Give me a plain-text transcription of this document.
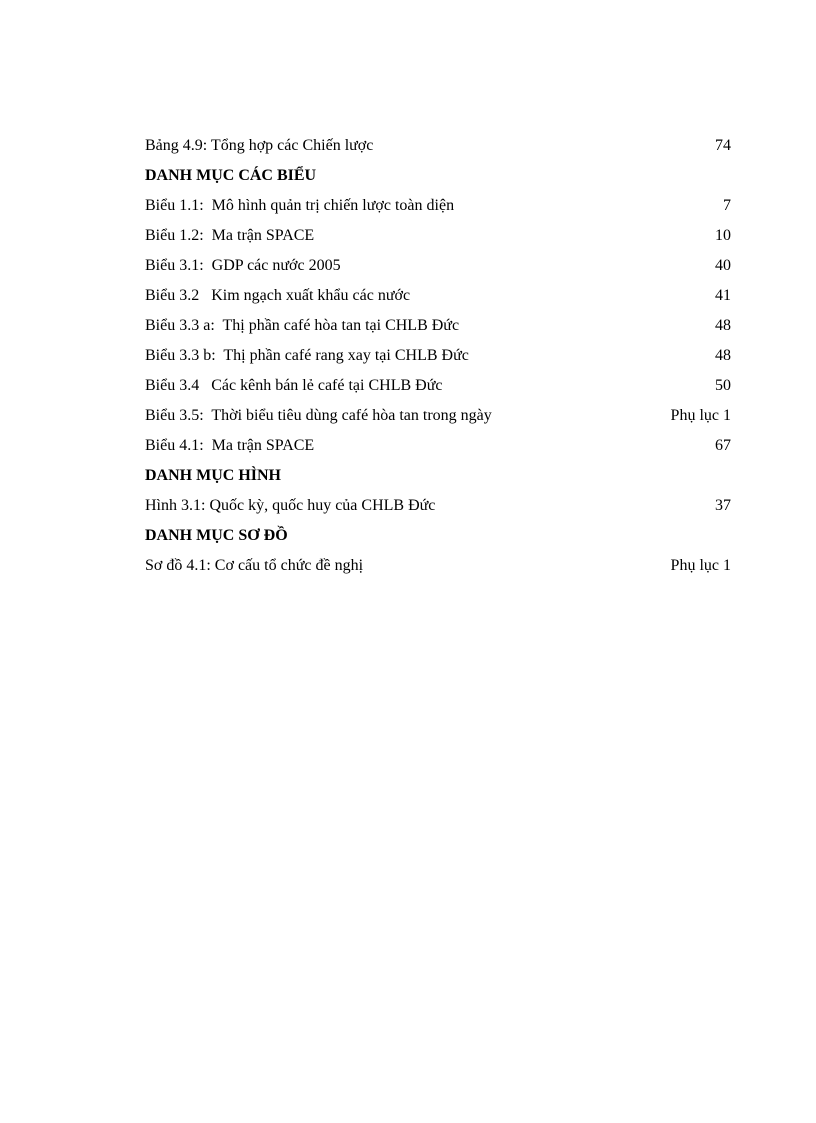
Bảng 4.9: Tổng hợp các Chiến lược	74
DANH MỤC CÁC BIỂU
Biểu 1.1:  Mô hình quản trị chiến lược toàn diện	7
Biểu 1.2:  Ma trận SPACE	10
Biểu 3.1:  GDP các nước 2005	40
Biểu 3.2   Kim ngạch xuất khẩu các nước	41
Biểu 3.3 a:  Thị phần café hòa tan tại CHLB Đức	48
Biểu 3.3 b:  Thị phần café rang xay tại CHLB Đức	48
Biểu 3.4   Các kênh bán lẻ café tại CHLB Đức	50
Biểu 3.5:  Thời biểu tiêu dùng café hòa tan trong ngày	Phụ lục 1
Biểu 4.1:  Ma trận SPACE	67
DANH MỤC HÌNH
Hình 3.1: Quốc kỳ, quốc huy của CHLB Đức	37
DANH MỤC SƠ ĐỒ
Sơ đồ 4.1: Cơ cấu tổ chức đề nghị	Phụ lục 1
